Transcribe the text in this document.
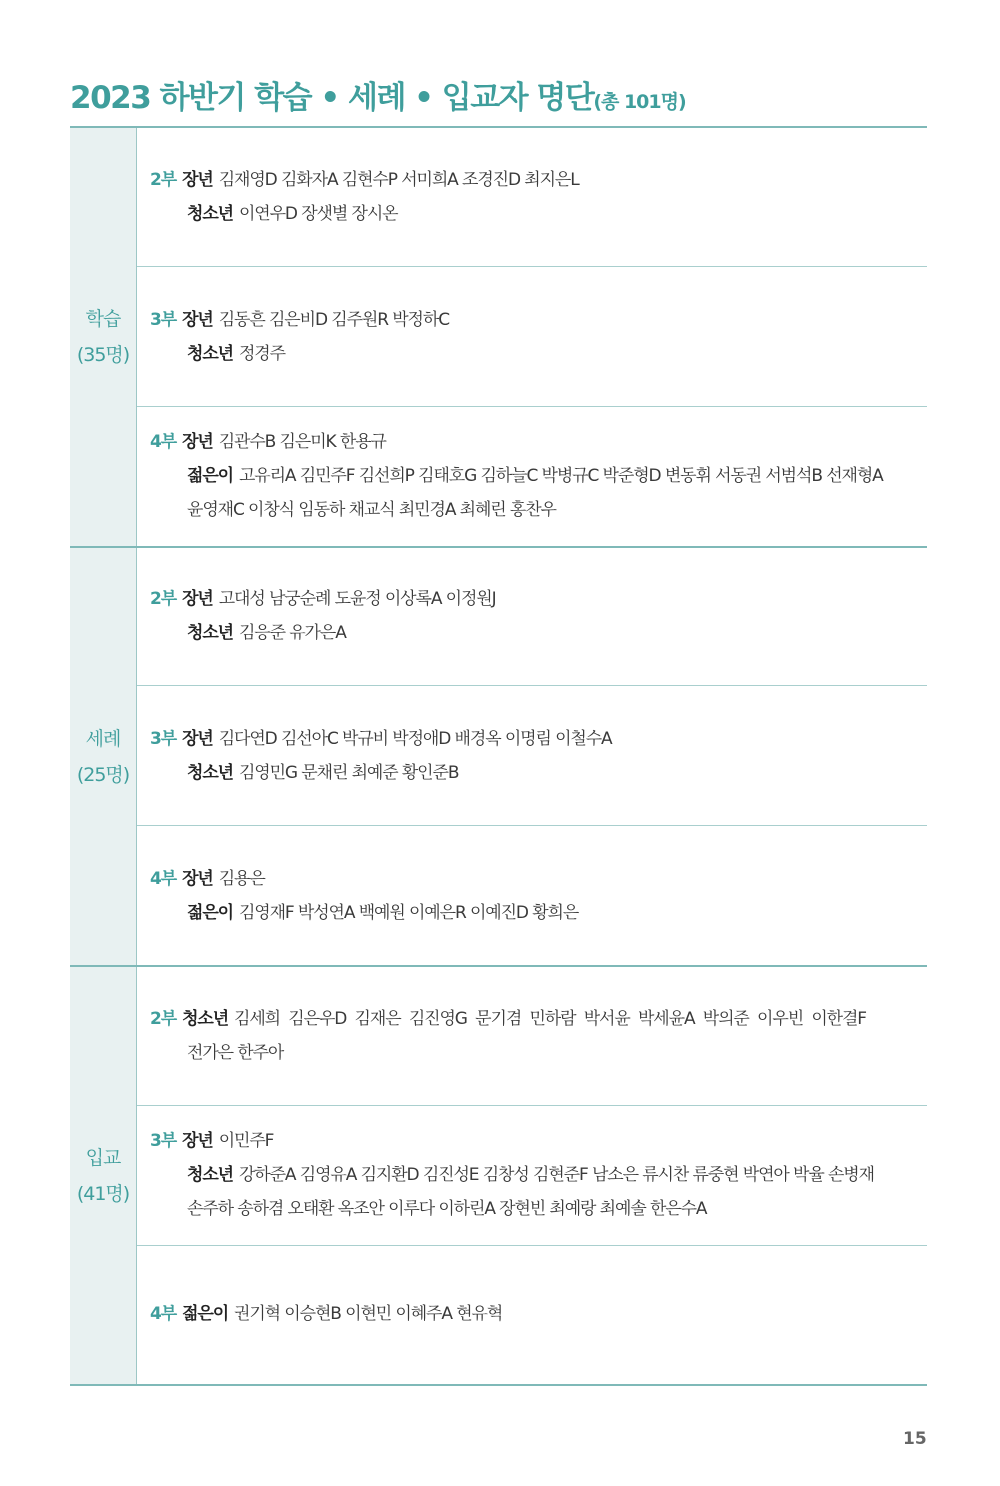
2023 하반기 학습 • 세례 • 입교자 명단(총 101명)
학습
(35명)
세례
(25명)
입교
(41명)
2부 장년 김재영D 김화자A 김현수P 서미희A 조경진D 최지은L
청소년 이연우D 장샛별 장시온
3부 장년 김동흔 김은비D 김주원R 박정하C
청소년 정경주
4부 장년 김관수B 김은미K 한용규
젊은이 고유리A 김민주F 김선희P 김태호G 김하늘C 박병규C 박준형D 변동휘 서동권 서범석B 선재형A
윤영재C 이창식 임동하 채교식 최민경A 최혜린 홍찬우
2부 장년 고대성 남궁순례 도윤정 이상록A 이정원J
청소년 김응준 유가은A
3부 장년 김다연D 김선아C 박규비 박정애D 배경옥 이명림 이철수A
청소년 김영민G 문채린 최예준 황인준B
4부 장년 김용은
젊은이 김영재F 박성연A 백예원 이예은R 이예진D 황희은
2부 청소년 김세희 김은우D 김재은 김진영G 문기겸 민하람 박서윤 박세윤A 박의준 이우빈 이한결F
전가은 한주아
3부 장년 이민주F
청소년 강하준A 김영유A 김지환D 김진성E 김창성 김현준F 남소은 류시찬 류중현 박연아 박율 손병재
손주하 송하겸 오태환 옥조안 이루다 이하린A 장현빈 최예랑 최예솔 한은수A
4부 젊은이 권기혁 이승현B 이현민 이혜주A 현유혁
15
